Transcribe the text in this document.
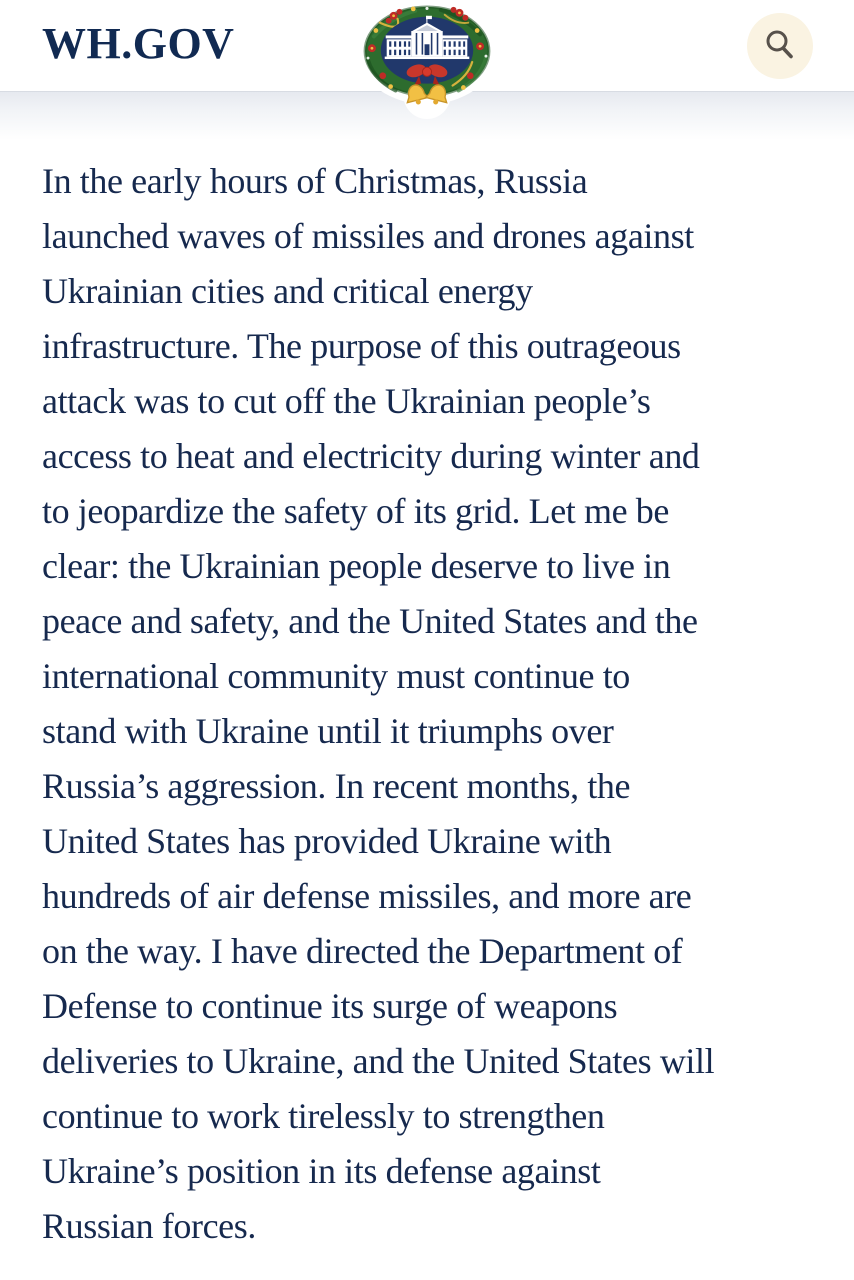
WH.GOV
In the early hours of Christmas, Russia
launched waves of missiles and drones against
Ukrainian cities and critical energy
infrastructure. The purpose of this outrageous
attack was to cut off the Ukrainian people’s
access to heat and electricity during winter and
to jeopardize the safety of its grid. Let me be
clear: the Ukrainian people deserve to live in
peace and safety, and the United States and the
international community must continue to
stand with Ukraine until it triumphs over
Russia’s aggression. In recent months, the
United States has provided Ukraine with
hundreds of air defense missiles, and more are
on the way. I have directed the Department of
Defense to continue its surge of weapons
deliveries to Ukraine, and the United States will
continue to work tirelessly to strengthen
Ukraine’s position in its defense against
Russian forces.
